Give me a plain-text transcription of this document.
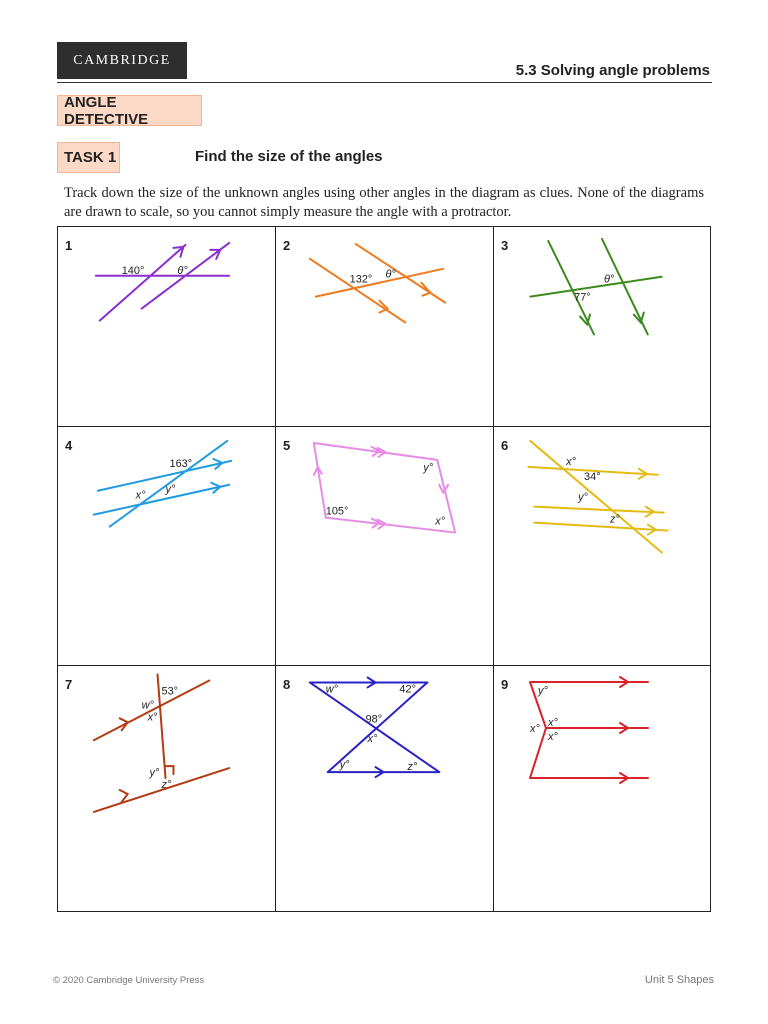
CAMBRIDGE
5.3 Solving angle problems
ANGLE DETECTIVE
TASK 1	Find the size of the angles
Track down the size of the unknown angles using other angles in the diagram as clues. None of the diagrams are drawn to scale, so you cannot simply measure the angle with a protractor.
1
140°	θ°
2
132° θ°
3
θ°
77°
4
163°
x° y°
5
y°
105°
x°
6
x°
34°
y°
z°
7	53°
w°
x°
y°
z°
8	w°	42°
98°
x°
y°	z°
9	y°
x° x°
x°
© 2020 Cambridge University Press	Unit 5 Shapes
